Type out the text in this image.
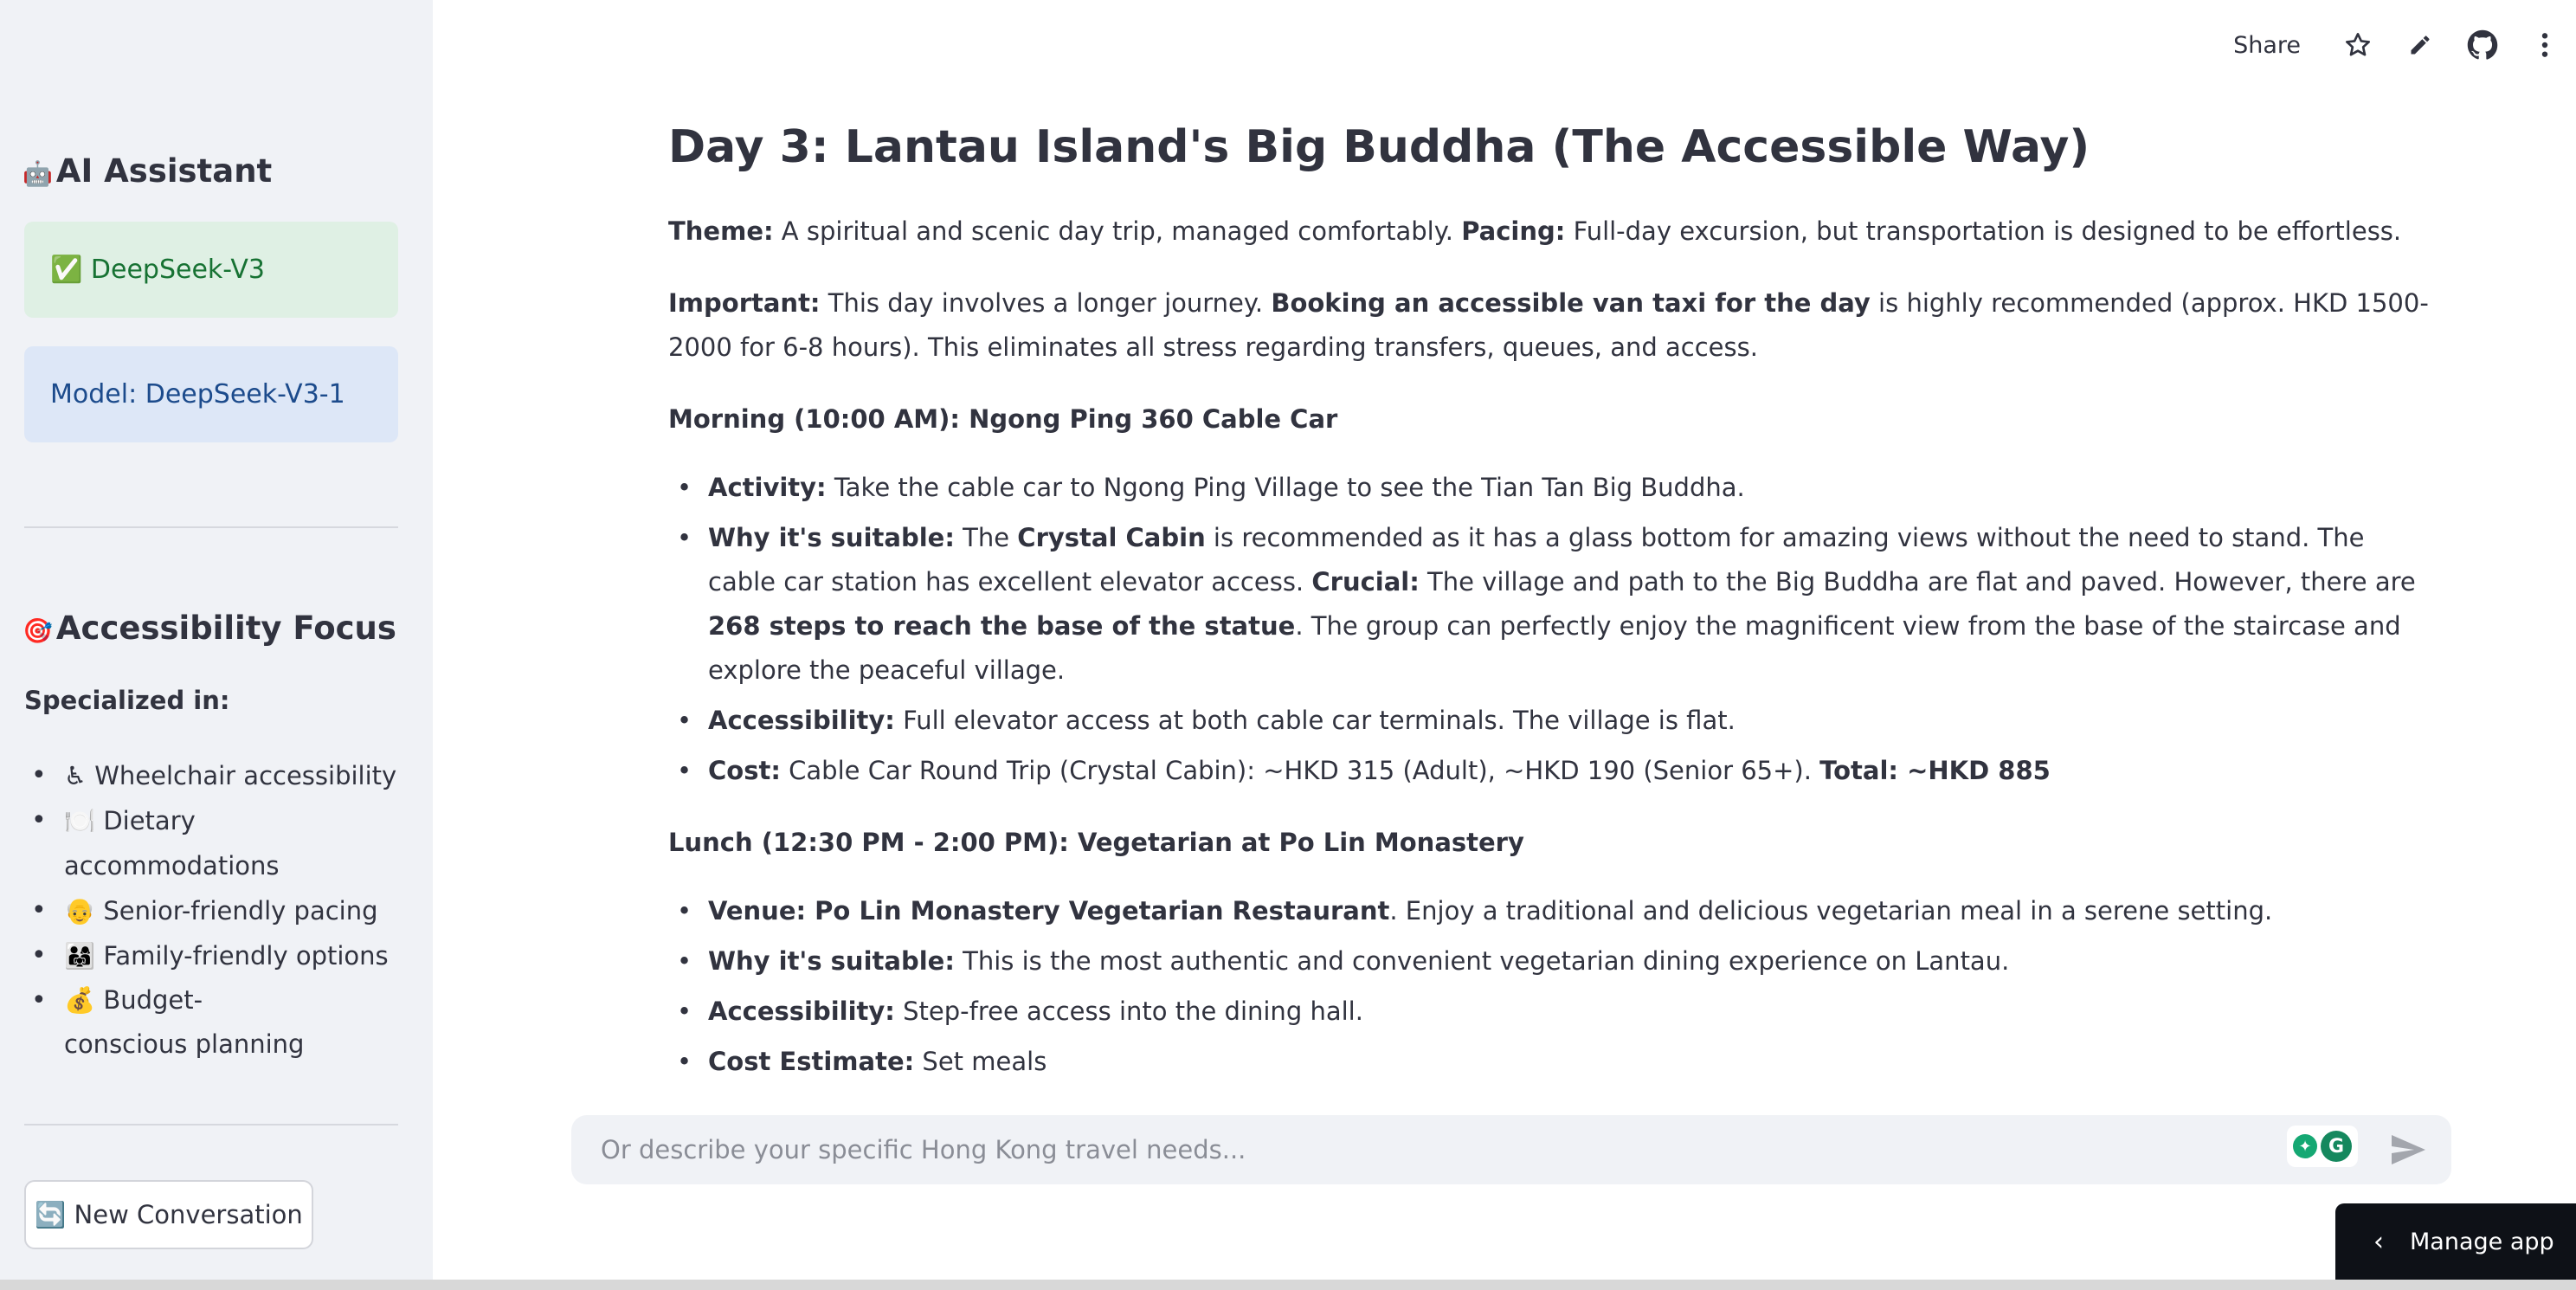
🤖 AI Assistant
✅ DeepSeek-V3
Model: DeepSeek-V3-1
🎯 Accessibility Focus
Specialized in:
• ♿ Wheelchair accessibility
• 🍽️ Dietary accommodations
• 👴 Senior-friendly pacing
• 👨‍👩‍👧 Family-friendly options
• 💰 Budget-conscious planning
🔄 New Conversation
Share
Day 3: Lantau Island's Big Buddha (The Accessible Way)

Theme: A spiritual and scenic day trip, managed comfortably. Pacing: Full-day excursion, but transportation is designed to be effortless.

Important: This day involves a longer journey. Booking an accessible van taxi for the day is highly recommended (approx. HKD 1500-2000 for 6-8 hours). This eliminates all stress regarding transfers, queues, and access.

Morning (10:00 AM): Ngong Ping 360 Cable Car
• Activity: Take the cable car to Ngong Ping Village to see the Tian Tan Big Buddha.
• Why it's suitable: The Crystal Cabin is recommended as it has a glass bottom for amazing views without the need to stand. The cable car station has excellent elevator access. Crucial: The village and path to the Big Buddha are flat and paved. However, there are 268 steps to reach the base of the statue. The group can perfectly enjoy the magnificent view from the base of the staircase and explore the peaceful village.
• Accessibility: Full elevator access at both cable car terminals. The village is flat.
• Cost: Cable Car Round Trip (Crystal Cabin): ~HKD 315 (Adult), ~HKD 190 (Senior 65+). Total: ~HKD 885
Lunch (12:30 PM - 2:00 PM): Vegetarian at Po Lin Monastery
• Venue: Po Lin Monastery Vegetarian Restaurant. Enjoy a traditional and delicious vegetarian meal in a serene setting.
• Why it's suitable: This is the most authentic and convenient vegetarian dining experience on Lantau.
• Accessibility: Step-free access into the dining hall.
• Cost Estimate: Set meals
Or describe your specific Hong Kong travel needs...
✦ G
‹ Manage app
